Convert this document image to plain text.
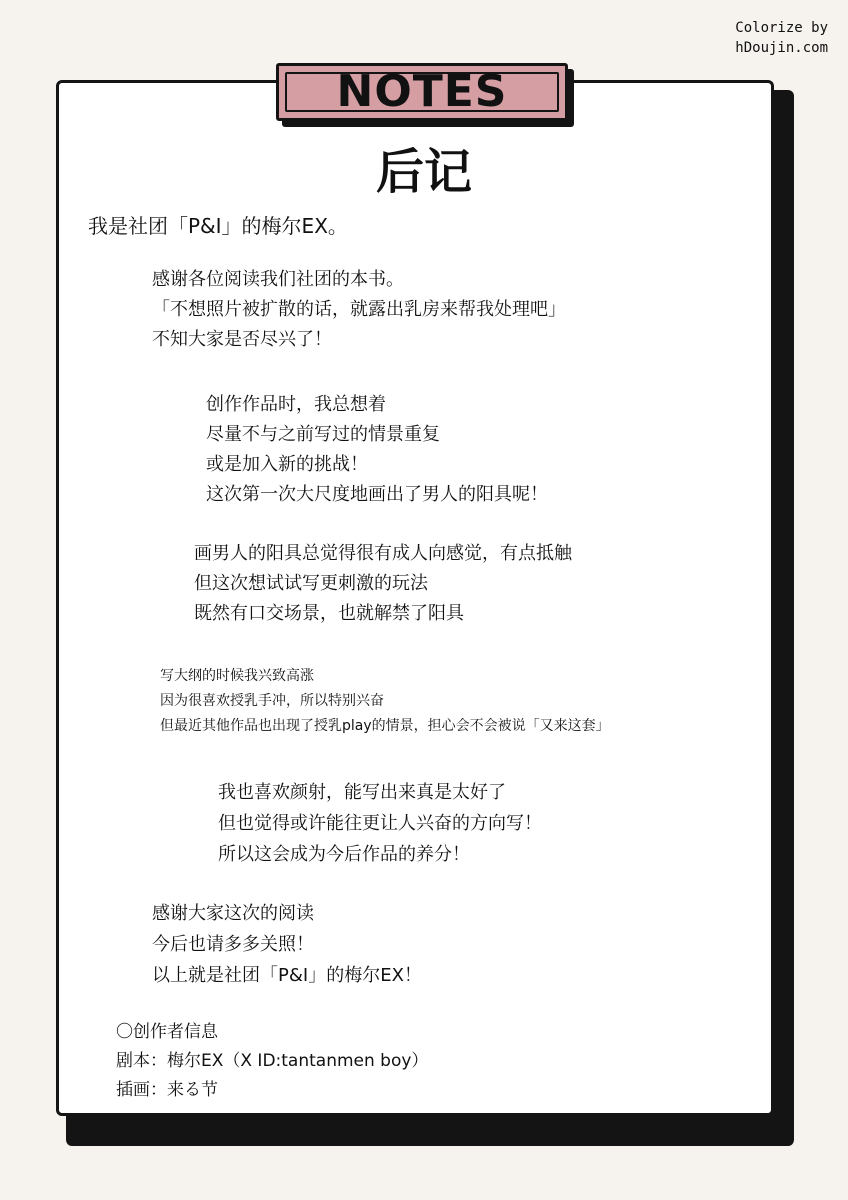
Colorize by
hDoujin.com
NOTES
后记
我是社团「P&I」的梅尔EX。
感谢各位阅读我们社团的本书。
「不想照片被扩散的话，就露出乳房来帮我处理吧」
不知大家是否尽兴了！
创作作品时，我总想着
尽量不与之前写过的情景重复
或是加入新的挑战！
这次第一次大尺度地画出了男人的阳具呢！
画男人的阳具总觉得很有成人向感觉，有点抵触
但这次想试试写更刺激的玩法
既然有口交场景，也就解禁了阳具
写大纲的时候我兴致高涨
因为很喜欢授乳手冲，所以特别兴奋
但最近其他作品也出现了授乳play的情景，担心会不会被说「又来这套」
我也喜欢颜射，能写出来真是太好了
但也觉得或许能往更让人兴奋的方向写！
所以这会成为今后作品的养分！
感谢大家这次的阅读
今后也请多多关照！
以上就是社团「P&I」的梅尔EX！
〇创作者信息
剧本：梅尔EX（X ID:tantanmen boy）
插画：来る节
